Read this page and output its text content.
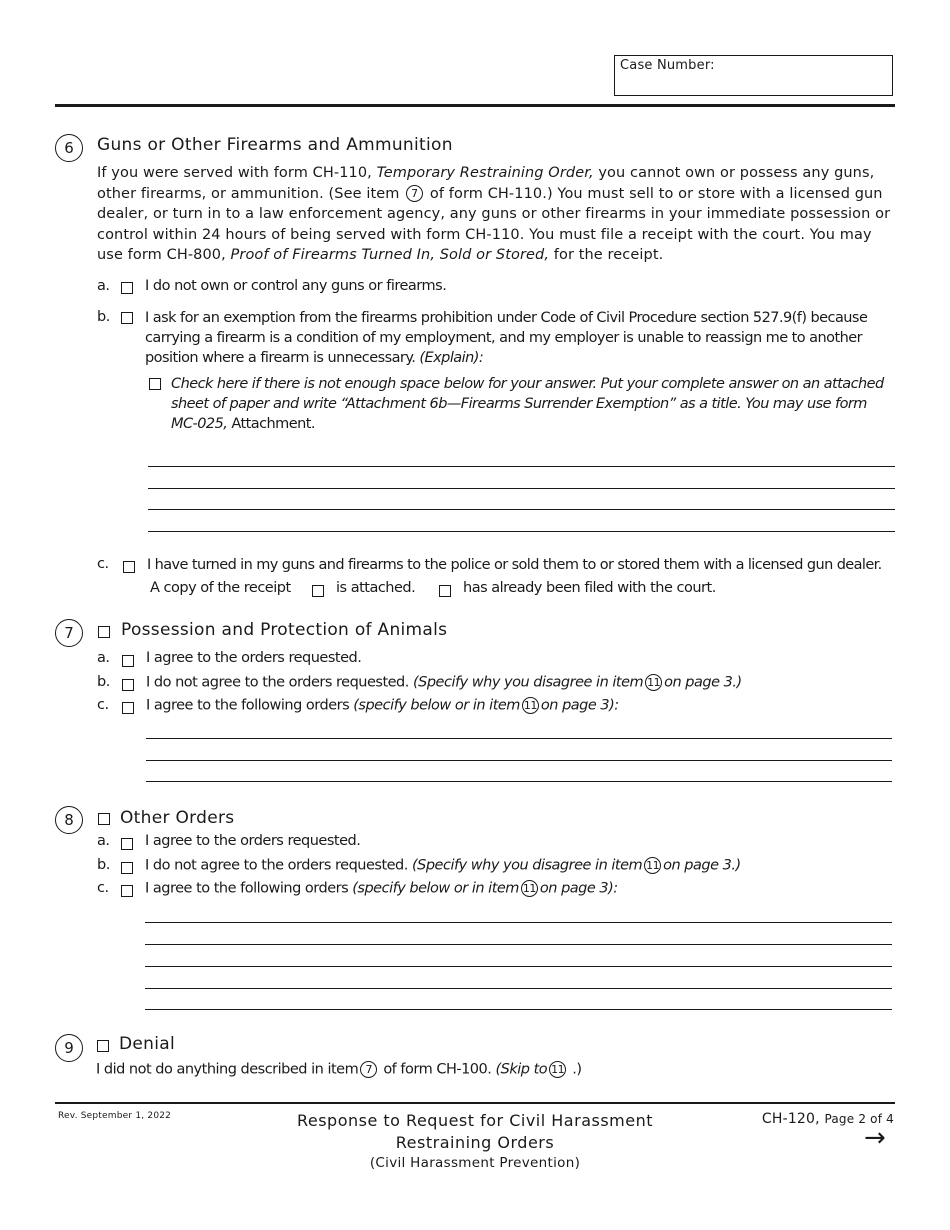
Case Number:
6	Guns or Other Firearms and Ammunition
If you were served with form CH-110, Temporary Restraining Order, you cannot own or possess any guns, other firearms, or ammunition. (See item 7 of form CH-110.) You must sell to or store with a licensed gun dealer, or turn in to a law enforcement agency, any guns or other firearms in your immediate possession or control within 24 hours of being served with form CH-110. You must file a receipt with the court. You may use form CH-800, Proof of Firearms Turned In, Sold or Stored, for the receipt.
a. I do not own or control any guns or firearms.
b. I ask for an exemption from the firearms prohibition under Code of Civil Procedure section 527.9(f) because carrying a firearm is a condition of my employment, and my employer is unable to reassign me to another position where a firearm is unnecessary. (Explain):
Check here if there is not enough space below for your answer. Put your complete answer on an attached sheet of paper and write “Attachment 6b—Firearms Surrender Exemption” as a title. You may use form MC-025, Attachment.
c.	I have turned in my guns and firearms to the police or sold them to or stored them with a licensed gun dealer.
A copy of the receipt	is attached.	has already been filed with the court.
7	Possession and Protection of Animals
a.	I agree to the orders requested.
b. I do not agree to the orders requested. (Specify why you disagree in item 11 on page 3.)
c.	I agree to the following orders (specify below or in item 11 on page 3):
8	Other Orders
a. I agree to the orders requested.
b. I do not agree to the orders requested. (Specify why you disagree in item 11 on page 3.)
c.	I agree to the following orders (specify below or in item 11 on page 3):
9	Denial
I did not do anything described in item 7 of form CH-100. (Skip to 11 .)
Rev. September 1, 2022	Response to Request for Civil Harassment
Restraining Orders
(Civil Harassment Prevention)
CH-120, Page 2 of 4
→
